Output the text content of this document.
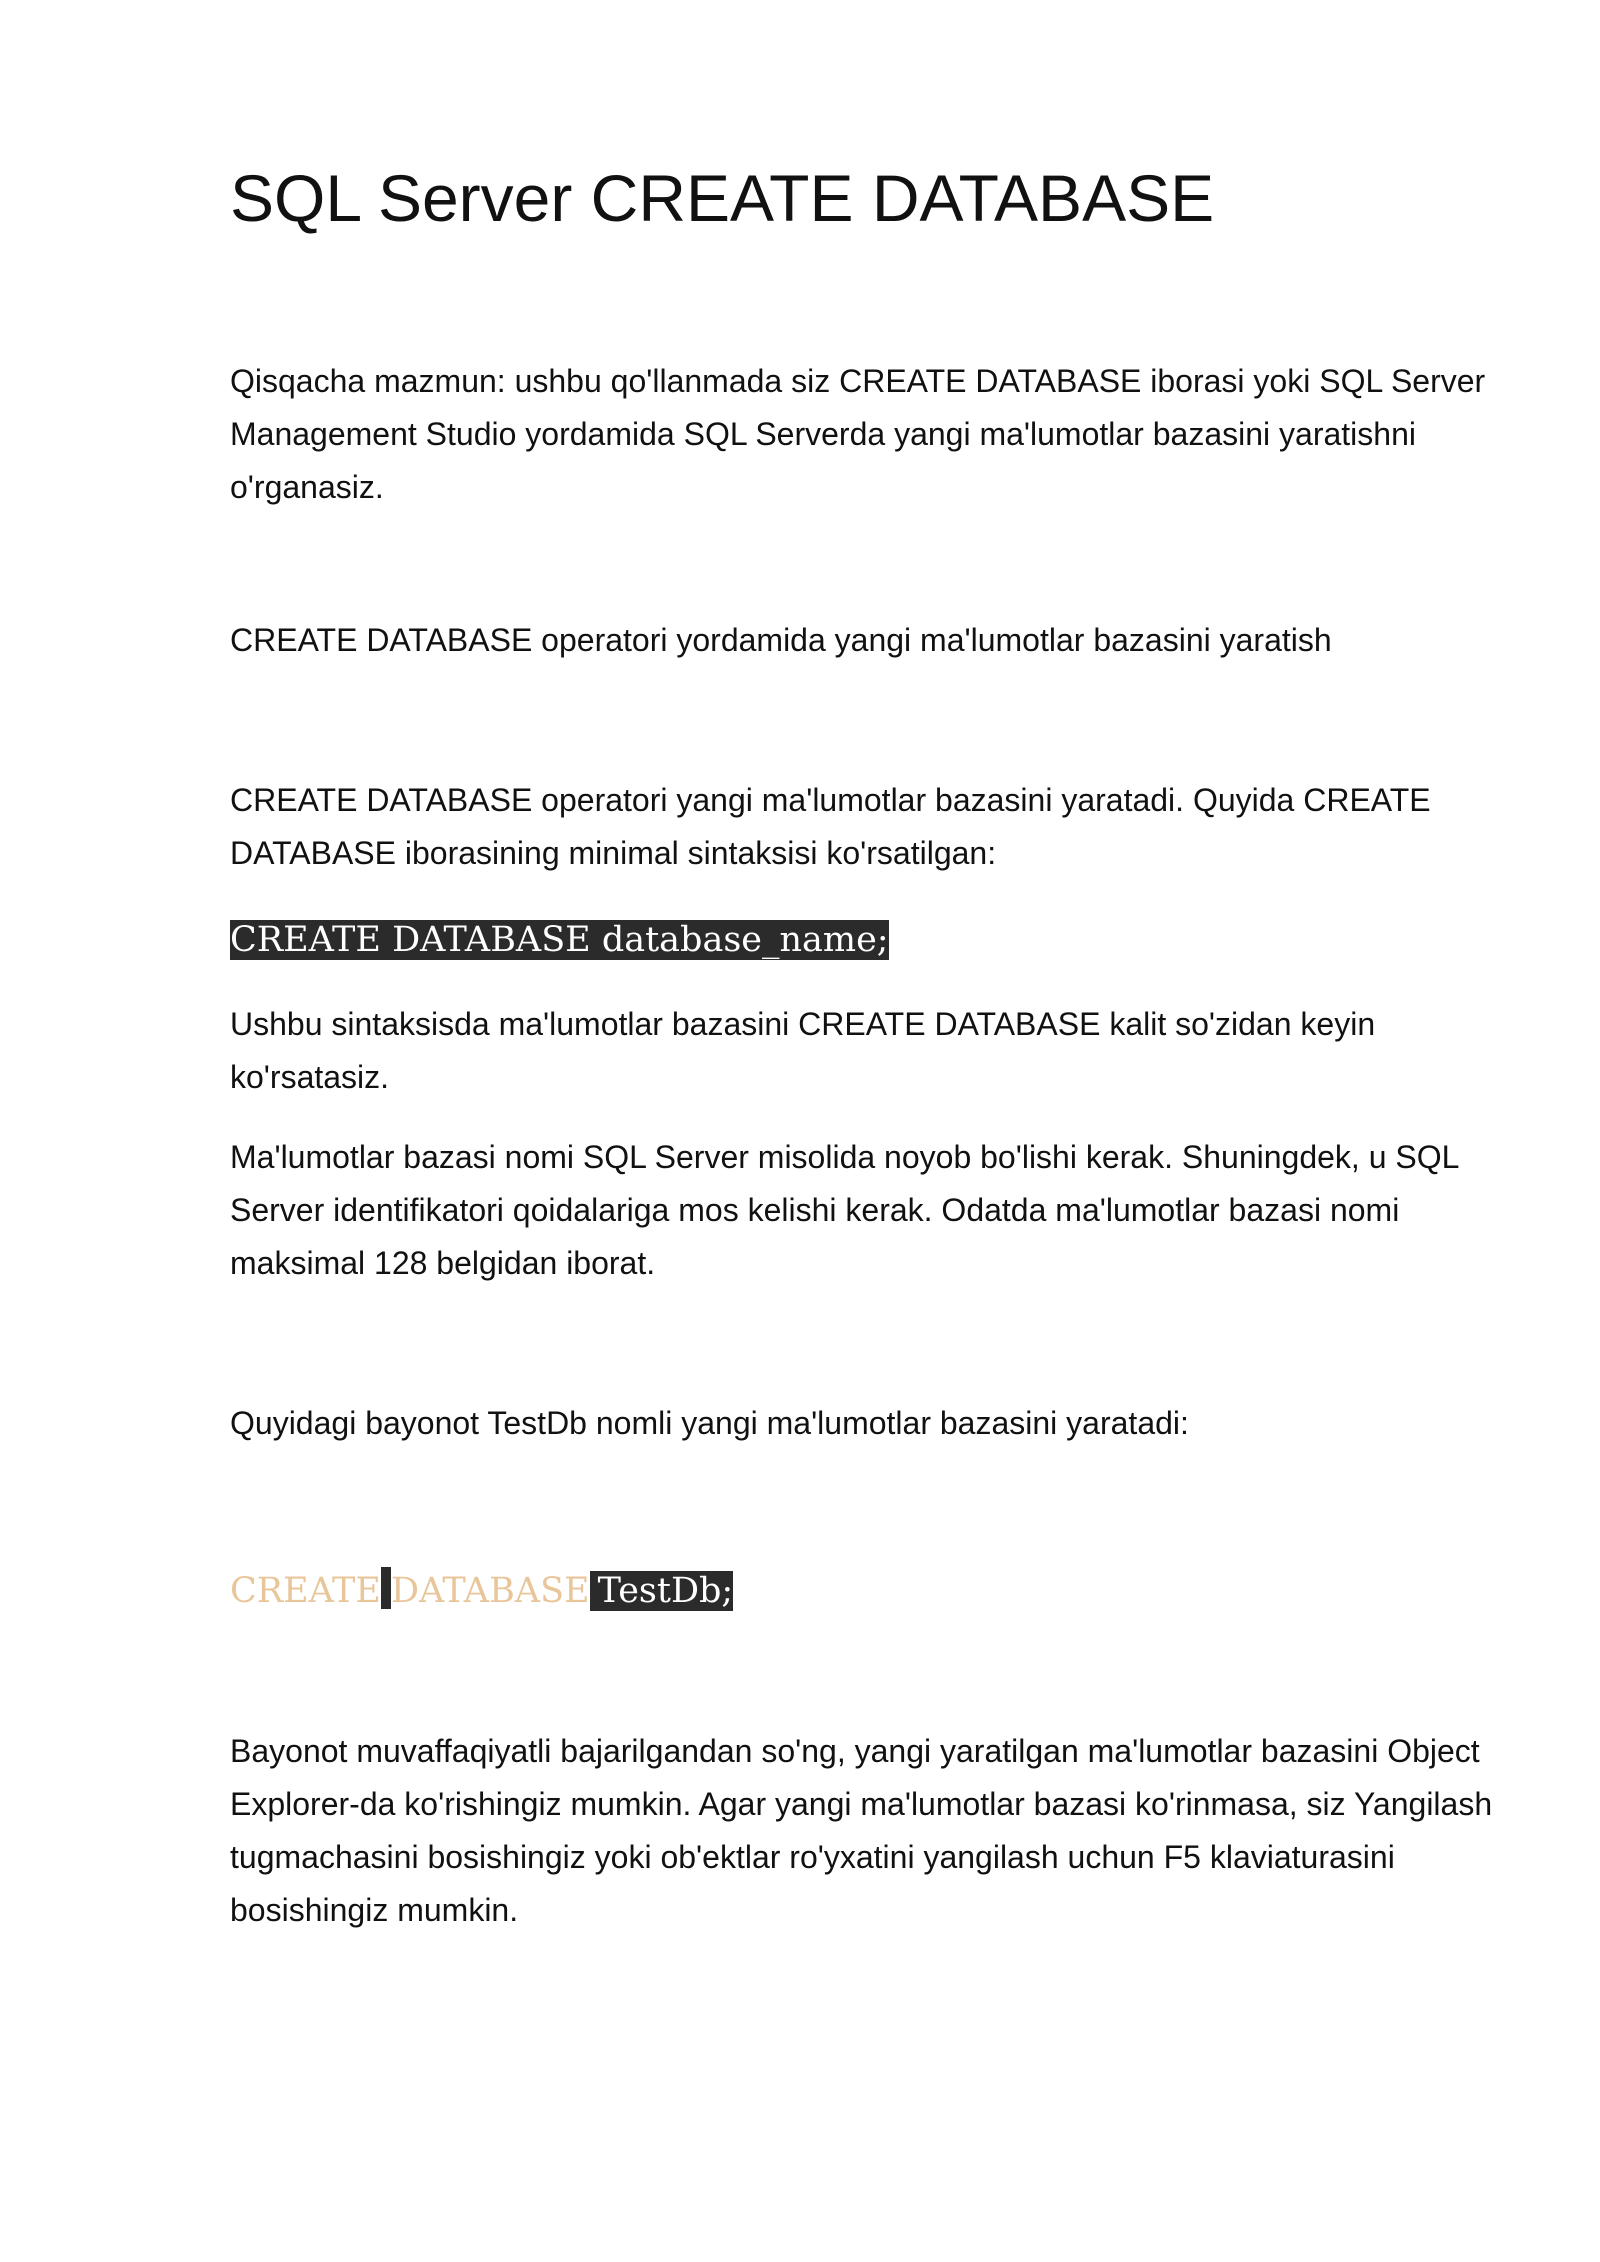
SQL Server CREATE DATABASE

Qisqacha mazmun: ushbu qo'llanmada siz CREATE DATABASE iborasi yoki SQL Server Management Studio yordamida SQL Serverda yangi ma'lumotlar bazasini yaratishni o'rganasiz.

CREATE DATABASE operatori yordamida yangi ma'lumotlar bazasini yaratish

CREATE DATABASE operatori yangi ma'lumotlar bazasini yaratadi. Quyida CREATE DATABASE iborasining minimal sintaksisi ko'rsatilgan:

CREATE DATABASE database_name;

Ushbu sintaksisda ma'lumotlar bazasini CREATE DATABASE kalit so'zidan keyin ko'rsatasiz.

Ma'lumotlar bazasi nomi SQL Server misolida noyob bo'lishi kerak. Shuningdek, u SQL Server identifikatori qoidalariga mos kelishi kerak. Odatda ma'lumotlar bazasi nomi maksimal 128 belgidan iborat.

Quyidagi bayonot TestDb nomli yangi ma'lumotlar bazasini yaratadi:

CREATE DATABASE TestDb;

Bayonot muvaffaqiyatli bajarilgandan so'ng, yangi yaratilgan ma'lumotlar bazasini Object Explorer-da ko'rishingiz mumkin. Agar yangi ma'lumotlar bazasi ko'rinmasa, siz Yangilash tugmachasini bosishingiz yoki ob'ektlar ro'yxatini yangilash uchun F5 klaviaturasini bosishingiz mumkin.
